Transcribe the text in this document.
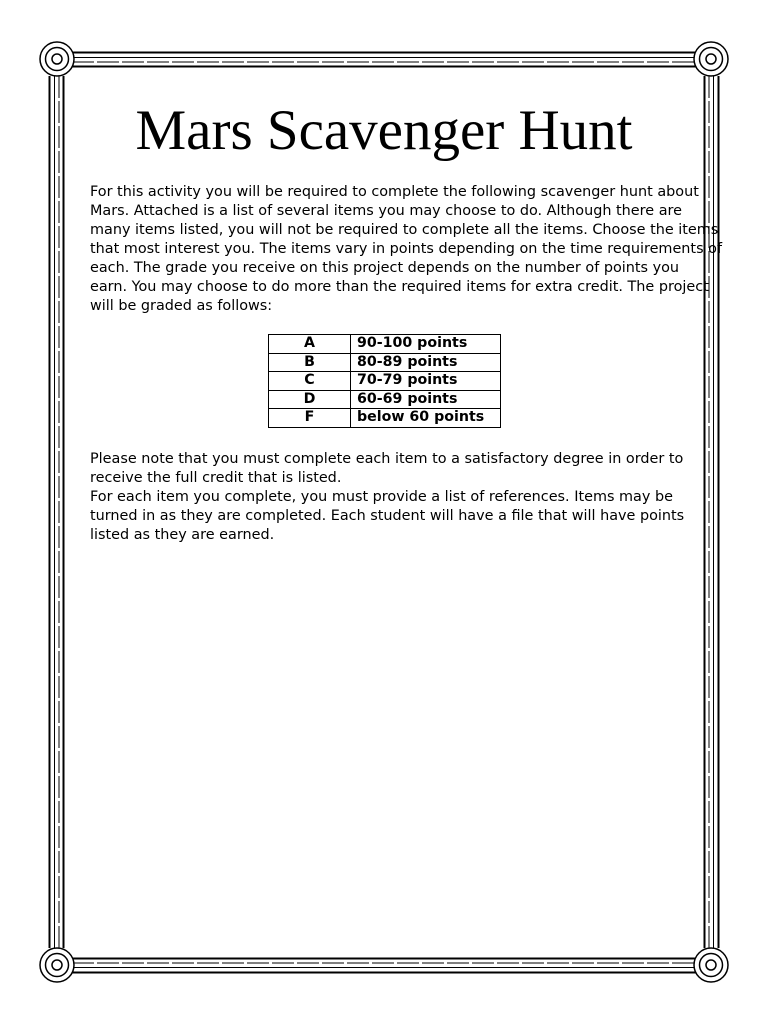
Mars Scavenger Hunt

For this activity you will be required to complete the following scavenger hunt about
Mars. Attached is a list of several items you may choose to do. Although there are
many items listed, you will not be required to complete all the items. Choose the items
that most interest you. The items vary in points depending on the time requirements of
each. The grade you receive on this project depends on the number of points you
earn. You may choose to do more than the required items for extra credit. The project
will be graded as follows:

A	90-100 points
B	80-89 points
C	70-79 points
D	60-69 points
F	below 60 points

Please note that you must complete each item to a satisfactory degree in order to
receive the full credit that is listed.
For each item you complete, you must provide a list of references. Items may be
turned in as they are completed. Each student will have a file that will have points
listed as they are earned.
